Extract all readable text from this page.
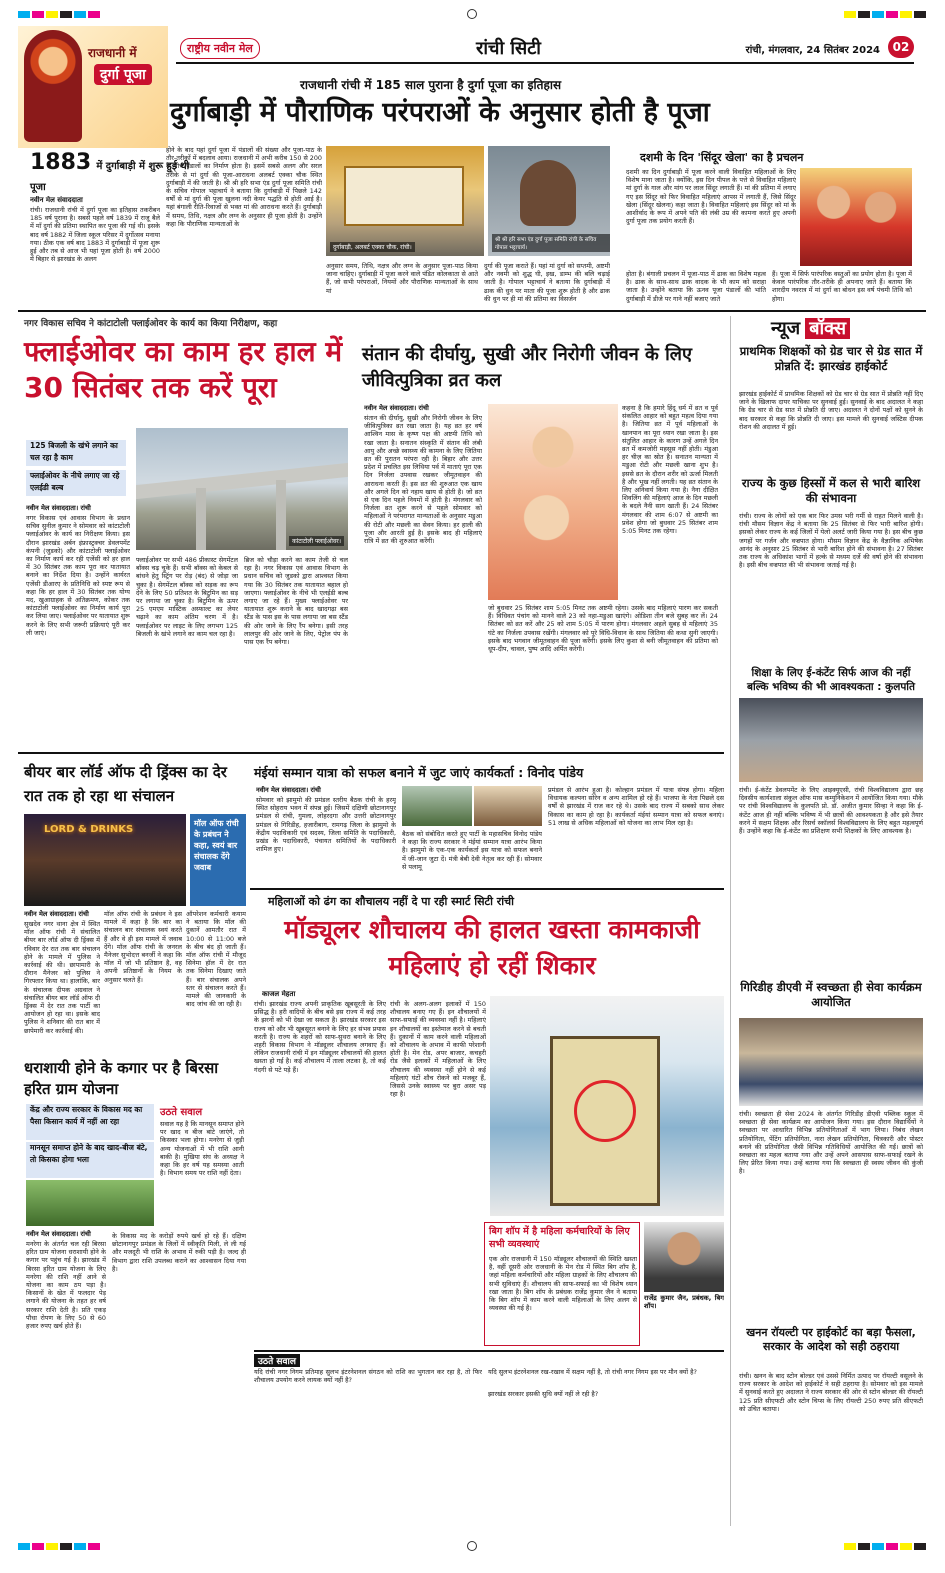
राजधानी में
दुर्गा पूजा
राष्ट्रीय नवीन मेल	रांची सिटी	रांची, मंगलवार, 24 सितंबर 2024	02
राजधानी रांची में 185 साल पुराना है दुर्गा पूजा का इतिहास
दुर्गाबाड़ी में पौराणिक परंपराओं के अनुसार होती है पूजा
1883 में दुर्गाबाड़ी में शुरू हुई थी पूजा
नवीन मेल संवाददाता
रांची। राजधानी रांची में दुर्गा पूजा का इतिहास तकरीबन 185 वर्ष पुराना है। सबसे पहले वर्ष 1839 में राजू बैले में माँ दुर्गा की प्रतिमा स्थापित कर पूजा की गई थी। इसके बाद वर्ष 1882 में जिला स्कूल परिसर में दुर्गोत्सव मनाया गया। ठीक एक वर्ष बाद 1883 में दुर्गाबाड़ी में पूजा शुरू हुई और तब से आज भी यहां पूजा होती है। वर्ष 2000 में बिहार से झारखंड के अलग
होने के बाद यहां दुर्गा पूजा में पंडालों की संख्या और पूजा-पाठ के तौर-तरीकों में बदलाव आया। राजधानी में अभी करीब 150 से 200 के बीच पंडालों का निर्माण होता है। इसमें सबसे अलग और सरल तरीके से मां दुर्गा की पूजा-आराधना अलबर्ट एक्का चौक स्थित दुर्गाबाड़ी में की जाती है। श्री श्री हरि सभा एंड दुर्गा पूजा समिति रांची के सचिव गोपाल भट्टाचार्य ने बताया कि दुर्गाबाड़ी में पिछले 142 वर्षों से मां दुर्गा की पूजा खुलना नदी केयर पद्धति से होती आई है। यहां बंगाली रीति-रिवाजों से भक्त मां की आराधना करते हैं। दुर्गाबाड़ी में समय, तिथि, नक्षत्र और लग्न के अनुसार ही पूजा होती है। उन्होंने कहा कि पौराणिक मान्यताओं के
दुर्गाबाड़ी, अलबर्ट एक्का चौक, रांची।
श्री श्री हरि सभा एंड दुर्गा पूजा समिति रांची के सचिव गोपाल भट्टाचार्य।
अनुसार समय, तिथि, नक्षत्र और लग्न के अनुसार पूजा-पाठ किया जाना चाहिए। दुर्गाबाड़ी में पूजा करने वाले पंडित कोलकाता से आते हैं, जो सभी परंपराओं, नियमों और पौराणिक मान्यताओं के साथ मां
दुर्गा की पूजा कराते हैं। यहां मां दुर्गा को सप्तमी, अष्टमी और नवमी को शुद्ध घी, इख, डाम्भ की बलि चढ़ाई जाती है। गोपाल भट्टाचार्य ने बताया कि दुर्गाबाड़ी में ढाक की धुन पर माता की पूजा शुरू होती है और ढाक की धुन पर ही मां की प्रतिमा का विसर्जन
दशमी के दिन 'सिंदूर खेला' का है प्रचलन
दशमी का दिन दुर्गाबाड़ी में पूजा करने वाली विवाहित महिलाओं के लिए विशेष माना जाता है। क्योंकि, इस दिन पीपल के पत्ते से विवाहित महिलाएं मां दुर्गा के गाल और मांग पर लाल सिंदूर लगाती हैं। मां की प्रतिमा में लगाए गए इस सिंदूर को फिर विवाहित महिलाएं आपस में लगाती हैं, जिसे सिंदूर खेला (सिंदूर खेलना) कहा जाता है। विवाहित महिलाएं इस सिंदूर को मां के आशीर्वाद के रूप में अपने पति की लंबी उम्र की कामना करते हुए अपनी दुर्गा पूजा तक प्रयोग करती हैं।
होता है। बंगाली प्रचलन में पूजा-पाठ में ढाक का विशेष महत्व है। ढाक के साथ-साथ ढाक वादक के भी काम को सराहा जाता है। उन्होंने बताया कि ऊनव पूजा पंडालों की भांति दुर्गाबाड़ी में डीजे पर गाने नहीं बजाए जाते
हैं। पूजा में सिर्फ पारंपरिक वस्तुओं का प्रयोग होता है। पूजा में केवल पारंपरिक तौर-तरीके ही अपनाए जाते हैं। बताया कि शारदीय नवरात्र में मां दुर्गा का बोधन इस वर्ष पंचमी तिथि को होगा।
नगर विकास सचिव ने कांटाटोली फ्लाईओवर के कार्य का किया निरीक्षण, कहा
फ्लाईओवर का काम हर हाल में 30 सितंबर तक करें पूरा
125 बिजली के खंभे लगाने का चल रहा है काम
फ्लाईओवर के नीचे लगाए जा रहे एलईडी बल्ब
कांटाटोली फ्लाईओवर।
नवीन मेल संवाददाता। रांची
नगर विकास एवं आवास विभाग के प्रधान सचिव सुनील कुमार ने सोमवार को कांटाटोली फ्लाईओवर के कार्य का निरीक्षण किया। इस दौरान झारखंड अर्बन इंफ्रास्ट्रक्चर डेवलपमेंट कंपनी (जुडको) और कांटाटोली फ्लाईओवर का निर्माण कार्य कर रही एजेंसी को हर हाल में 30 सितंबर तक काम पूरा कर यातायात बनाने का निर्देश दिया है। उन्होंने कार्यरत एजेंसी डीआरए के प्रतिनिधि को स्पष्ट रूप से कहा कि हर हाल में 30 सितंबर तक योग्य मद, खुआग्राहक से अतिक्रमण, कोकर तक कांटाटोली फ्लाईओवर का निर्माण कार्य पूरा कर लिया जाए। फ्लाईओवर पर यातायात शुरू करने के लिए सभी जरूरी प्रक्रियाएं पूरी कर ली जाएं।
फ्लाईओवर पर सभी 486 प्रीकास्ट सेगमेंटल बॉक्स चढ़ चुके हैं। सभी बॉक्स को केबल से बांधने हेतु स्ट्रिंग पर रोड़ (बंद) से जोड़ा जा चुका है। सेगमेंटल बॉक्स को सड़क का रूप देने के लिए 50 प्रतिशत के बिटुमिन का सड़ पर लगाया जा चुका है। बिटुमिन के ऊपर 25 एमएम मास्टिक अस्फाल्ट का लेयर चढ़ाने का काम अंतिम चरण में है। फ्लाईओवर पर लाइट के लिए लगभग 125 बिजली के खंभे लगाने का काम चल रहा है।
ब्रिज को चौड़ा करने का काम तेजी से चल रहा है। नगर विकास एवं आवास विभाग के प्रधान सचिव को जुडको द्वारा आश्वस्त किया गया कि 30 सितंबर तक यातायात बहाल हो जाएगा। फ्लाईओवर के नीचे भी एलईडी बल्ब लगाए जा रहे हैं। मुख्य फ्लाईओवर पर यातायात शुरू कराने के बाद खादगढ़ा बस स्टैंड के पास इस के पास लगाया जा बस स्टैंड की ओर जाने के लिए रैंप बनेगा। इसी तरह लालपुर की ओर जाने के लिए, पेट्रोल पंप के पास एक रैंप बनेगा।
संतान की दीर्घायु, सुखी और निरोगी जीवन के लिए जीवित्पुत्रिका व्रत कल
नवीन मेल संवाददाता। रांची
संतान की दीर्घायु, सुखी और निरोगी जीवन के लिए जीवित्पुत्रिका व्रत रखा जाता है। यह व्रत हर वर्ष आश्विन मास के कृष्ण पक्ष की अष्टमी तिथि को रखा जाता है। सनातन संस्कृति में संतान की लंबी आयु और अच्छे स्वास्थ्य की कामना के लिए जितिया व्रत की पुरातन परंपरा रही है। बिहार और उत्तर प्रदेश में प्रचलित इस लिथिया पर्व में माताएं पूरा एक दिन निर्जला उपवास रखकर जीमूतवाहन की आराधना करती हैं। इस व्रत की शुरुआत एक खाय और अगले दिन को नहाय खाय से होती है। जो व्रत से एक दिन पहले नियमों में होती है। मंगलवार को निर्जला व्रत शुरू करने से पहले सोमवार को महिलाओं ने परंपरागत मान्यताओं के अनुसार मडुआ की रोटी और मछली का सेवन किया। हर हाली की पूजा और आरती हुई है। इसके बाद ही महिलाएं रात्रि में व्रत की शुरुआत करेंगी।
कहना है कि हमारे हिंदू धर्म में व्रत व पूर्व संकलित आहार को बहुत महत्व दिया गया है। जितिया व्रत में पूर्व महिलाओं के खानपान का पूरा ध्यान रखा जाता है। इस संतुलित आहार के कारण उन्हें अगले दिन व्रत में कमजोरी महसूस नहीं होती। मंडुआ हर चीज़ का स्रोत है। सनातन मान्यता में मडुआ रोटी और मछली खाना शुभ है। इससे व्रत के दौरान शरीर को ऊर्जा मिलती है और भूख नहीं लगती। यह व्रत संतान के लिए अनिवार्य किया गया है। नैना दीक्षित शिवलिंग की महिलाएं आज के दिन मछली के बदले नैनी साग खाती हैं। 24 सितंबर मंगलवार की शाम 6:07 से अष्टमी का प्रवेश होगा जो बुधवार 25 सितंबर शाम 5:05 मिनट तक रहेगा।
जो बुधवार 25 सितंबर शाम 5:05 मिनट तक अष्टमी रहेगा। उसके बाद महिलाएं पारण कर सकती हैं। विधिवत पंचांग को मानने वाले 23 को नहा-मडुआ खाएंगे। ओडिशा तीन बजे सुबह कर लें। 24 सितंबर को व्रत करें और 25 को शाम 5:05 में पारण होगा। मंगलवार अहले सुबह से महिलाएं 35 घंटे का निर्जला उपवास रखेंगी। मंगलवार को पूरे विधि-विधान के साथ जितिया की कथा सुनी जाएगी। इसके बाद भगवान जीमूतवाहन की पूजा करेंगी। इसके लिए कुशा से बनी जीमूतवाहन की प्रतिमा को धूप-दीप, चावल, पुष्प आदि अर्पित करेंगी।
न्यूज बॉक्स
प्राथमिक शिक्षकों को ग्रेड चार से ग्रेड सात में प्रोन्नति दें: झारखंड हाईकोर्ट
झारखंड हाईकोर्ट में प्राथमिक शिक्षकों को ग्रेड चार से ग्रेड सात में प्रोन्नति नहीं दिए जाने के खिलाफ दायर याचिका पर सुनवाई हुई। सुनवाई के बाद अदालत ने कहा कि ग्रेड चार से ग्रेड सात में प्रोन्नति दी जाए। अदालत ने दोनों पक्षों को सुनने के बाद सरकार से कहा कि प्रोन्नति दी जाए। इस मामले की सुनवाई जस्टिस दीपक रोशन की अदालत में हुई।
राज्य के कुछ हिस्सों में कल से भारी बारिश की संभावना
रांची। राज्य के लोगों को एक बार फिर उमस भरी गर्मी से राहत मिलने वाली है। रांची मौसम विज्ञान केंद्र ने बताया कि 25 सितंबर से फिर भारी बारिश होगी। इसको लेकर राज्य के कई जिलों में येलो अलर्ट जारी किया गया है। इस बीच कुछ जगहों पर गर्जन और वज्रपात होगा। मौसम विज्ञान केंद्र के वैज्ञानिक अभिषेक आनंद के अनुसार 25 सितंबर से भारी बारिश होने की संभावना है। 27 सितंबर तक राज्य के अधिकांश भागों में हल्के से मध्यम दर्जे की वर्षा होने की संभावना है। इसी बीच वज्रपात की भी संभावना जताई गई है।
शिक्षा के लिए ई-कंटेंट सिर्फ आज की नहीं बल्कि भविष्य की भी आवश्यकता : कुलपति
रांची। ई-कंटेंट डेवलपमेंट के लिए आइक्यूएसी, रांची विश्वविद्यालय द्वारा छह दिवसीय कार्यशाला संकुल ऑफ मास कम्युनिकेशन में आयोजित किया गया। मौके पर रांची विश्वविद्यालय के कुलपति प्रो. डॉ. अजीत कुमार सिन्हा ने कहा कि ई-कंटेंट आज ही नहीं बल्कि भविष्य में भी छात्रों की आवश्यकता है और इसे तैयार करने में सक्षम शिक्षक और रिसर्च स्कॉलर्स विश्वविद्यालय के लिए बहुत महत्वपूर्ण हैं। उन्होंने कहा कि ई-कंटेंट का प्रशिक्षण सभी शिक्षकों के लिए आवश्यक है।
गिरिडीह डीएवी में स्वच्छता ही सेवा कार्यक्रम आयोजित
रांची। स्वच्छता ही सेवा 2024 के अंतर्गत गिरिडीह डीएवी पब्लिक स्कूल में स्वच्छता ही सेवा कार्यक्रम का आयोजन किया गया। इस दौरान विद्यार्थियों ने स्वच्छता पर आधारित विभिन्न प्रतियोगिताओं में भाग लिया। निबंध लेखन प्रतियोगिता, पेंटिंग प्रतियोगिता, नारा लेखन प्रतियोगिता, चित्रकारी और पोस्टर बनाने की प्रतियोगिता जैसी विभिन्न गतिविधियों आयोजित की गईं। छात्रों को स्वच्छता का महत्व बताया गया और उन्हें अपने आसपास साफ-सफाई रखने के लिए प्रेरित किया गया। उन्हें बताया गया कि स्वच्छता ही स्वस्थ जीवन की कुंजी है।
खनन रॉयल्टी पर हाईकोर्ट का बड़ा फैसला, सरकार के आदेश को सही ठहराया
रांची। खनन के बाद स्टोन बोल्डर एवं उससे निर्मित उत्पाद पर रॉयल्टी वसूलने के राज्य सरकार के आदेश को हाईकोर्ट ने सही ठहराया है। सोमवार को इस मामले में सुनवाई करते हुए अदालत ने राज्य सरकार की ओर से स्टोन बोल्डर की रॉयल्टी 125 प्रति सीएफटी और स्टोन चिप्स के लिए रॉयल्टी 250 रुपए प्रति सीएफटी को उचित बताया।
बीयर बार लॉर्ड ऑफ दी ड्रिंक्स का देर रात तक हो रहा था संचालन
LORD & DRINKS
मॉल ऑफ रांची के प्रबंधन ने कहा, स्वयं बार संचालक देंगे जवाब
नवीन मेल संवाददाता। रांची
सुखदेव नगर थाना क्षेत्र में स्थित मॉल ऑफ रांची में संचालित बीयर बार लॉर्ड ऑफ दी ड्रिंक्स में रविवार देर रात तक बार संचालन होने के मामले में पुलिस ने कार्रवाई की थी। छापामारी के दौरान मैनेजर को पुलिस ने गिरफ्तार किया था। हालांकि, बार के संचालक दीपक अग्रवाल ने संचालित बीयर बार लॉर्ड ऑफ दी ड्रिंक्स में देर रात तक पार्टी का आयोजन हो रहा था। इसके बाद पुलिस ने शनिवार की रात बार में छापेमारी कर कार्रवाई की।
मॉल ऑफ रांची के प्रबंधन ने इस मामले में कहा है कि बार का संचालन बार संचालक स्वयं करते हैं और वे ही इस मामले में जवाब देंगे। मॉल ऑफ रांची के जनरल मैनेजर सुभोदत्त बनर्जी ने कहा कि मॉल में जो भी प्रतिष्ठान है, वह अपनी प्रतिष्ठानों के नियम के अनुसार चलते हैं।
ऑपरेशन कर्मचारी कयाम ने बताया कि मॉल की दुकानें आमतौर रात में 10:00 से 11:00 बजे के बीच बंद हो जाती हैं। मॉल ऑफ रांची में मौजूद सिनेमा हॉल में देर रात तक सिनेमा दिखाए जाते हैं। बार संचालक अपने स्तर से संचालन करते हैं। मामले की जानकारी के बाद जांच की जा रही है।
मंईयां सम्मान यात्रा को सफल बनाने में जुट जाएं कार्यकर्ता : विनोद पांडेय
नवीन मेल संवाददाता। रांची
सोमवार को झामुमो की प्रमंडल स्तरीय बैठक रांची के हरमू स्थित सोहराय भवन में संपन्न हुई। जिसमें दक्षिणी छोटानागपुर प्रमंडल से रांची, गुमला, लोहरदगा और उत्तरी छोटानागपुर प्रमंडल से गिरिडीह, हजारीबाग, रामगढ़ जिला के झामुमो के केंद्रीय पदाधिकारी एवं सदस्य, जिला समिति के पदाधिकारी, प्रखंड के पदाधिकारी, पंचायत समितियों के पदाधिकारी शामिल हुए।
बैठक को संबोधित करते हुए पार्टी के महासचिव विनोद पांडेय ने कहा कि राज्य सरकार ने मंईयां सम्मान यात्रा आरंभ किया है। झामुमो के एक-एक कार्यकर्ता इस यात्रा को सफल बनाने में जी-जान जुटा दें। मंत्री बेबी देवी नेतृत्व कर रही हैं। सोमवार से पलामू
प्रमंडल से आरंभ हुआ है। कोल्हान प्रमंडल में यात्रा संपन्न होगा। महिला विधायक कल्पना सोरेन व अन्य शामिल हो रहे हैं। भाजपा के नेता पिछले दस वर्षों से झारखंड में राज कर रहे थे। उसके बाद राज्य में सबको साथ लेकर विकास का काम हो रहा है। कार्यकर्ता मंईयां सम्मान यात्रा को सफल बनाएं। 51 लाख से अधिक महिलाओं को योजना का लाभ मिल रहा है।
महिलाओं को ढंग का शौचालय नहीं दे पा रही स्मार्ट सिटी रांची
मॉड्यूलर शौचालय की हालत खस्ता कामकाजी महिलाएं हो रहीं शिकार
काजल मेहता
रांची। झारखंड राज्य अपनी प्राकृतिक खूबसूरती के लिए प्रसिद्ध है। हरी वादियों के बीच बसे इस राज्य में कई तरह के झरनों को भी देखा जा सकता है। झारखंड सरकार इस राज्य को और भी खूबसूरत बनाने के लिए हर संभव प्रयास करती है। राज्य के शहरों को साफ-सुथरा बनाने के लिए शहरी विकास विभाग ने मॉड्यूलर शौचालय लगवाए हैं। लेकिन राजधानी रांची में इन मॉड्यूलर शौचालयों की हालत खस्ता हो गई है। कई शौचालय में ताला लटका है, तो कई गंदगी से पटे पड़े हैं।
रांची के अलग-अलग इलाकों में 150 शौचालय बनाए गए हैं। इन शौचालयों में साफ-सफाई की व्यवस्था नहीं है। महिलाएं इन शौचालयों का इस्तेमाल करने से बचती हैं। दुकानों में काम करने वाली महिलाओं को शौचालय के अभाव में काफी परेशानी होती है। मेन रोड, अपर बाजार, कचहरी रोड जैसे इलाकों में महिलाओं के लिए शौचालय की व्यवस्था नहीं होने से कई महिलाएं घंटों शौच रोकने को मजबूर हैं, जिससे उनके स्वास्थ्य पर बुरा असर पड़ रहा है।
बिग शॉप में है महिला कर्मचारियों के लिए सभी व्यवस्थाएं
एक ओर राजधानी में 150 मॉड्यूलर शौचालयों की स्थिति खस्ता है, वहीं दूसरी ओर राजधानी के मेन रोड में स्थित बिग शॉप है, जहां महिला कर्मचारियों और महिला ग्राहकों के लिए शौचालय की सभी सुविधाएं हैं। शौचालय की साफ-सफाई का भी विशेष ध्यान रखा जाता है। बिग शॉप के प्रबंधक राजेंद्र कुमार जैन ने बताया कि बिग शॉप में काम करने वाली महिलाओं के लिए अलग से व्यवस्था की गई है।
राजेंद्र कुमार जैन, प्रबंधक, बिग शॉप।
धराशायी होने के कगार पर है बिरसा हरित ग्राम योजना
केंद्र और राज्य सरकार के विकास मद का पैसा किसान कार्य में नहीं आ रहा
मानसून समाप्त होने के बाद खाद-बीज बंटे, तो किसका होगा भला
नवीन मेल संवाददाता। रांची
मनरेगा के अंतर्गत चल रही बिरसा हरित ग्राम योजना धराशायी होने के कगार पर पहुंच गई है। झारखंड में बिरसा हरित ग्राम योजना के लिए मनरेगा की राशि नहीं आने से योजना का काम ठप पड़ा है। किसानों के खेत में फलदार पेड़ लगाने की योजना के तहत हर वर्ष सरकार राशि देती है। प्रति एकड़ पौधा रोपण के लिए 50 से 60 हजार रुपए खर्च होते हैं।
उठते सवाल
सवाल यह है कि मानसून समाप्त होने पर खाद व बीज बांटे जाएंगे, तो किसका भला होगा। मनरेगा से जुड़ी अन्य योजनाओं में भी राशि आनी बाकी है। मुखिया संघ के अध्यक्ष ने कहा कि हर वर्ष यह समस्या आती है। विभाग समय पर राशि नहीं देता।
के विकास मद के करोड़ों रुपये खर्च हो रहे हैं। दक्षिण छोटानागपुर प्रमंडल के जिलों में स्वीकृति मिली, ले ली गई और मजदूरी भी राशि के अभाव में रुकी पड़ी है। जल्द ही विभाग द्वारा राशि उपलब्ध कराने का आश्वासन दिया गया है।
उठते सवाल
यदि रांची नगर निगम प्रतिमाह सुलभ इंटरनेशनल संगठन को राशि का भुगतान कर रहा है, तो फिर शौचालय उपयोग करने लायक क्यों नहीं है?
यदि सुलभ इंटरनेशनल रख-रखाव में सक्षम नहीं है, तो रांची नगर निगम इस पर मौन क्यों है?
झारखंड सरकार इसकी सुधि क्यों नहीं ले रही है?
